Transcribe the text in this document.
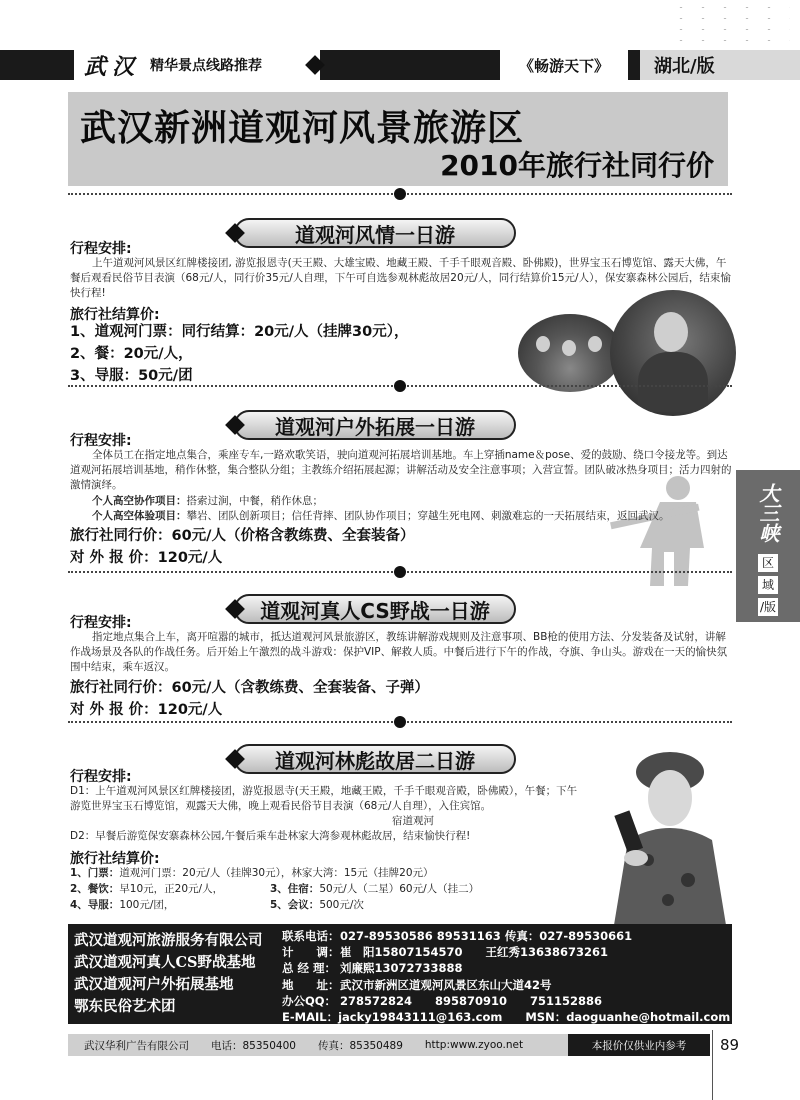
武汉 精华景点线路推荐	《畅游天下》	湖北/版
武汉新洲道观河风景旅游区
2010年旅行社同行价
道观河风情一日游
行程安排:
上午道观河风景区红牌楼接团, 游览报恩寺(天王殿、大雄宝殿、地藏王殿、千手千眼观音殿、卧佛殿)，世界宝玉石博览馆、露天大佛，午餐后观看民俗节目表演（68元/人，同行价35元/人自理，下午可自选参观林彪故居20元/人，同行结算价15元/人），保安寨森林公园后，结束愉快行程!
旅行社结算价:
1、道观河门票：同行结算：20元/人（挂牌30元），
2、餐：20元/人，
3、导服：50元/团
道观河户外拓展一日游
行程安排:
全体员工在指定地点集合，乘座专车,一路欢歌笑语，驶向道观河拓展培训基地。车上穿插name＆pose、爱的鼓励、绕口令接龙等。到达道观河拓展培训基地，稍作休整，集合整队分组；主教练介绍拓展起源；讲解活动及安全注意事项；入营宣誓。团队破冰热身项目；活力四射的激情演绎。
个人高空协作项目：搭索过涧，中餐，稍作休息；
个人高空体验项目：攀岩、团队创新项目；信任背摔、团队协作项目；穿越生死电网、刺激难忘的一天拓展结束，返回武汉。
旅行社同行价：60元/人（价格含教练费、全套装备）
对 外 报 价：120元/人
大三峡
区
域
/版
道观河真人CS野战一日游
行程安排:
指定地点集合上车，离开喧嚣的城市，抵达道观河风景旅游区，教练讲解游戏规则及注意事项、BB枪的使用方法、分发装备及试射，讲解作战场景及各队的作战任务。后开始上午激烈的战斗游戏：保护VIP、解救人质。中餐后进行下午的作战，夺旗、争山头。游戏在一天的愉快氛围中结束，乘车返汉。
旅行社同行价：60元/人（含教练费、全套装备、子弹）
对 外 报 价：120元/人
道观河林彪故居二日游
行程安排:
D1：上午道观河风景区红牌楼接团，游览报恩寺(天王殿，地藏王殿，千手千眼观音殿，卧佛殿），午餐；下午游览世界宝玉石博览馆，观露天大佛，晚上观看民俗节目表演（68元/人自理），入住宾馆。
宿道观河
D2：早餐后游览保安寨森林公园,午餐后乘车赴林家大湾参观林彪故居，结束愉快行程!
旅行社结算价:
1、门票：道观河门票：20元/人（挂牌30元），林家大湾：15元（挂牌20元）
2、餐饮：早10元，正20元/人，	3、住宿：50元/人（二星）60元/人（挂二）
4、导服：100元/团，	5、会议：500元/次
武汉道观河旅游服务有限公司
武汉道观河真人CS野战基地
武汉道观河户外拓展基地
鄂东民俗艺术团
联系电话： 027-89530586 89531163 传真：027-89530661
计　　调： 崔　阳15807154570　　王红秀13638673261
总 经 理： 刘廉熙13072733888
地　　址： 武汉市新洲区道观河风景区东山大道42号
办公QQ： 278572824　　895870910　　751152886
E-MAIL： jacky19843111@163.com　　MSN：daoguanhe@hotmail.com
武汉华利广告有限公司 电话：85350400 传真：85350489 http:www.zyoo.net	本报价仅供业内参考	89
